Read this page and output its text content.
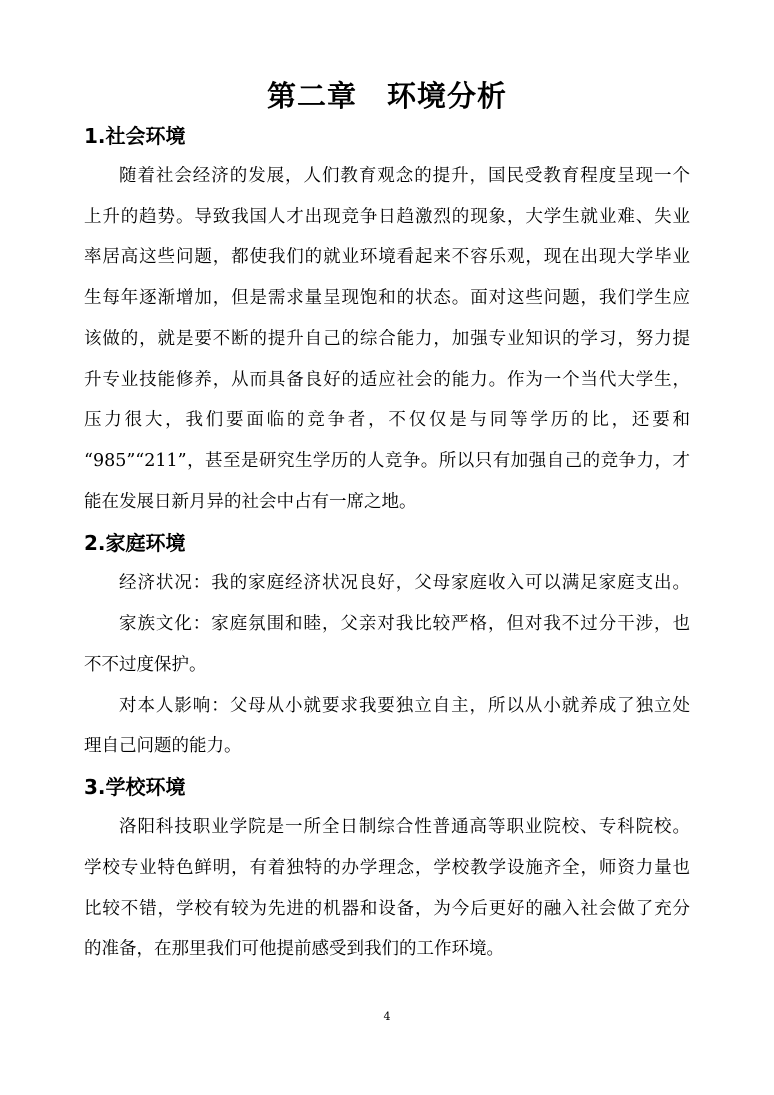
第二章　环境分析
1.社会环境
随着社会经济的发展，人们教育观念的提升，国民受教育程度呈现一个
上升的趋势。导致我国人才出现竞争日趋激烈的现象，大学生就业难、失业
率居高这些问题，都使我们的就业环境看起来不容乐观，现在出现大学毕业
生每年逐渐增加，但是需求量呈现饱和的状态。面对这些问题，我们学生应
该做的，就是要不断的提升自己的综合能力，加强专业知识的学习，努力提
升专业技能修养，从而具备良好的适应社会的能力。作为一个当代大学生，
压力很大，我们要面临的竞争者，不仅仅是与同等学历的比，还要和
“985”“211”，甚至是研究生学历的人竞争。所以只有加强自己的竞争力，才
能在发展日新月异的社会中占有一席之地。
2.家庭环境
经济状况：我的家庭经济状况良好，父母家庭收入可以满足家庭支出。
家族文化：家庭氛围和睦，父亲对我比较严格，但对我不过分干涉，也
不不过度保护。
对本人影响：父母从小就要求我要独立自主，所以从小就养成了独立处
理自己问题的能力。
3.学校环境
洛阳科技职业学院是一所全日制综合性普通高等职业院校、专科院校。
学校专业特色鲜明，有着独特的办学理念，学校教学设施齐全，师资力量也
比较不错，学校有较为先进的机器和设备，为今后更好的融入社会做了充分
的准备，在那里我们可他提前感受到我们的工作环境。
4
